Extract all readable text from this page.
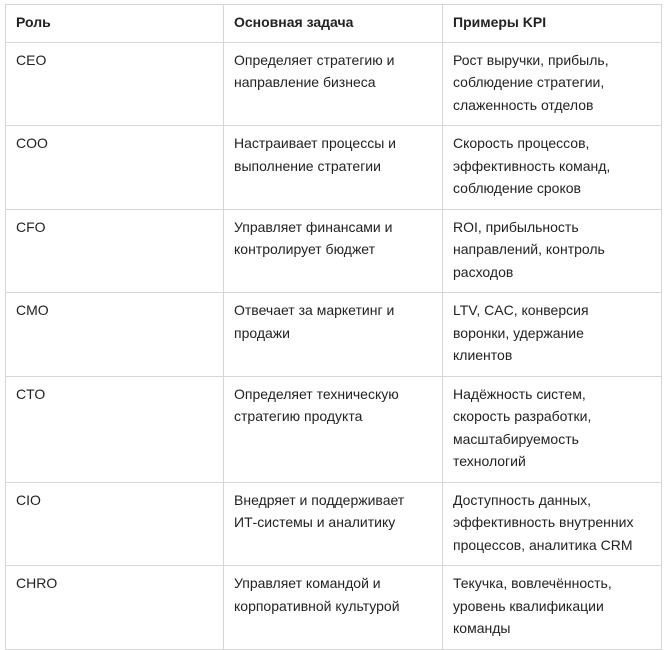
Роль	Основная задача	Примеры KPI
CEO	Определяет стратегию и
направление бизнеса	Рост выручки, прибыль,
соблюдение стратегии,
слаженность отделов
COO	Настраивает процессы и
выполнение стратегии	Скорость процессов,
эффективность команд,
соблюдение сроков
CFO	Управляет финансами и
контролирует бюджет	ROI, прибыльность
направлений, контроль
расходов
CMO	Отвечает за маркетинг и
продажи	LTV, CAC, конверсия
воронки, удержание
клиентов
CTO	Определяет техническую
стратегию продукта	Надёжность систем,
скорость разработки,
масштабируемость
технологий
CIO	Внедряет и поддерживает
ИТ-системы и аналитику	Доступность данных,
эффективность внутренних
процессов, аналитика CRM
CHRO	Управляет командой и
корпоративной культурой	Текучка, вовлечённость,
уровень квалификации
команды
